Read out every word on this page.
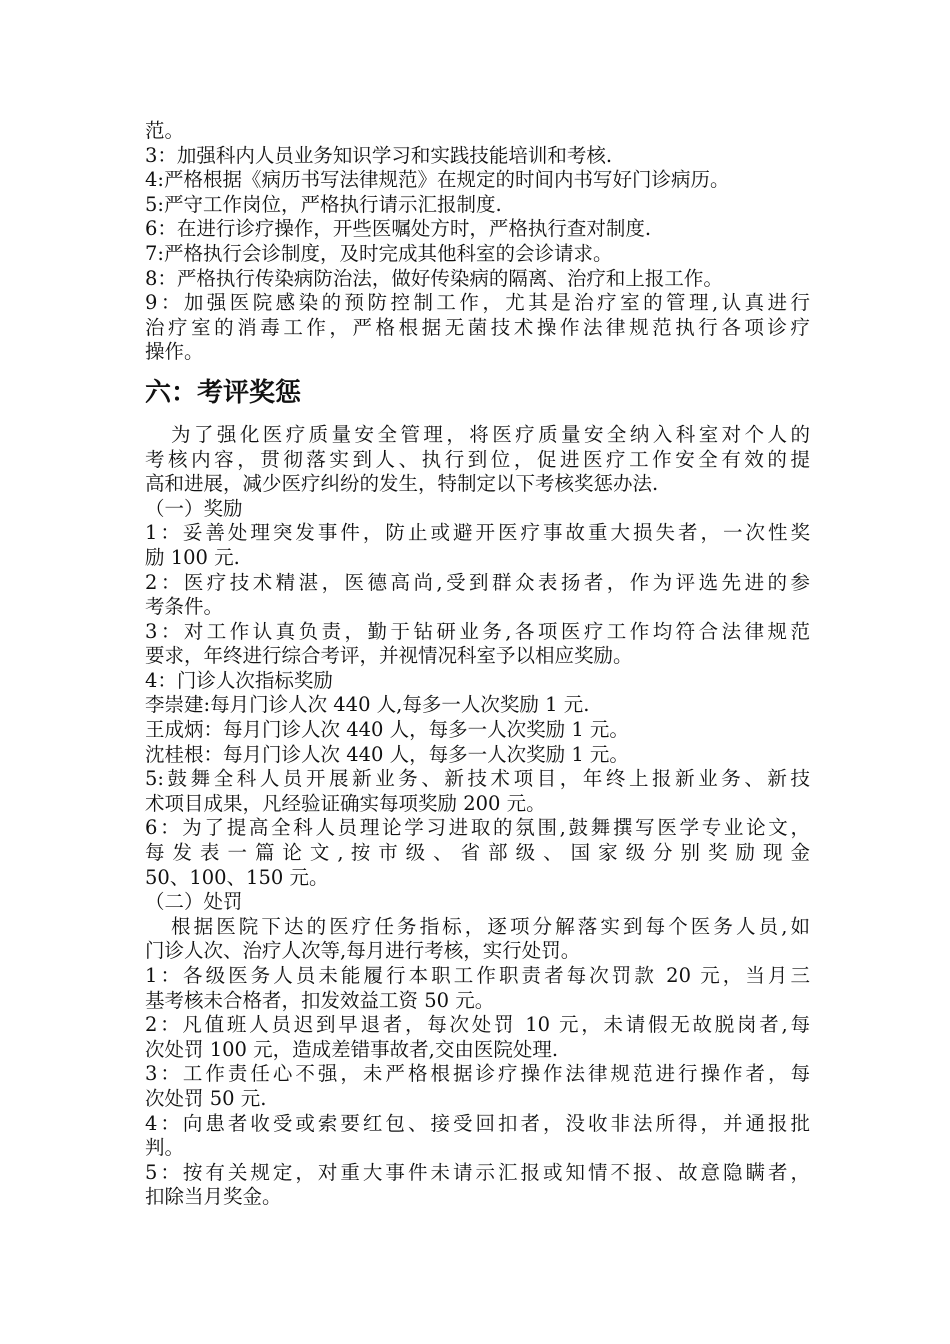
范。
3：加强科内人员业务知识学习和实践技能培训和考核.
4:严格根据《病历书写法律规范》在规定的时间内书写好门诊病历。
5:严守工作岗位，严格执行请示汇报制度.
6：在进行诊疗操作，开些医嘱处方时，严格执行查对制度.
7:严格执行会诊制度，及时完成其他科室的会诊请求。
8：严格执行传染病防治法，做好传染病的隔离、治疗和上报工作。
9：加强医院感染的预防控制工作，尤其是治疗室的管理,认真进行
治疗室的消毒工作，严格根据无菌技术操作法律规范执行各项诊疗
操作。
六：考评奖惩
为了强化医疗质量安全管理，将医疗质量安全纳入科室对个人的
考核内容，贯彻落实到人、执行到位，促进医疗工作安全有效的提
高和进展，减少医疗纠纷的发生，特制定以下考核奖惩办法.
（一）奖励
1：妥善处理突发事件，防止或避开医疗事故重大损失者，一次性奖
励 100 元.
2：医疗技术精湛，医德高尚,受到群众表扬者，作为评选先进的参
考条件。
3：对工作认真负责，勤于钻研业务,各项医疗工作均符合法律规范
要求，年终进行综合考评，并视情况科室予以相应奖励。
4：门诊人次指标奖励
李崇建:每月门诊人次 440 人,每多一人次奖励 1 元.
王成炳：每月门诊人次 440 人，每多一人次奖励 1 元。
沈桂根：每月门诊人次 440 人，每多一人次奖励 1 元。
5:鼓舞全科人员开展新业务、新技术项目，年终上报新业务、新技
术项目成果，凡经验证确实每项奖励 200 元。
6：为了提高全科人员理论学习进取的氛围,鼓舞撰写医学专业论文，
每 发 表 一 篇 论 文 , 按 市 级 、 省 部 级 、 国 家 级 分 别 奖 励 现 金
50、100、150 元。
（二）处罚
根据医院下达的医疗任务指标，逐项分解落实到每个医务人员,如
门诊人次、治疗人次等,每月进行考核，实行处罚。
1：各级医务人员未能履行本职工作职责者每次罚款 20 元，当月三
基考核未合格者，扣发效益工资 50 元。
2：凡值班人员迟到早退者，每次处罚 10 元，未请假无故脱岗者,每
次处罚 100 元，造成差错事故者,交由医院处理.
3：工作责任心不强，未严格根据诊疗操作法律规范进行操作者，每
次处罚 50 元.
4：向患者收受或索要红包、接受回扣者，没收非法所得，并通报批
判。
5：按有关规定，对重大事件未请示汇报或知情不报、故意隐瞒者，
扣除当月奖金。
